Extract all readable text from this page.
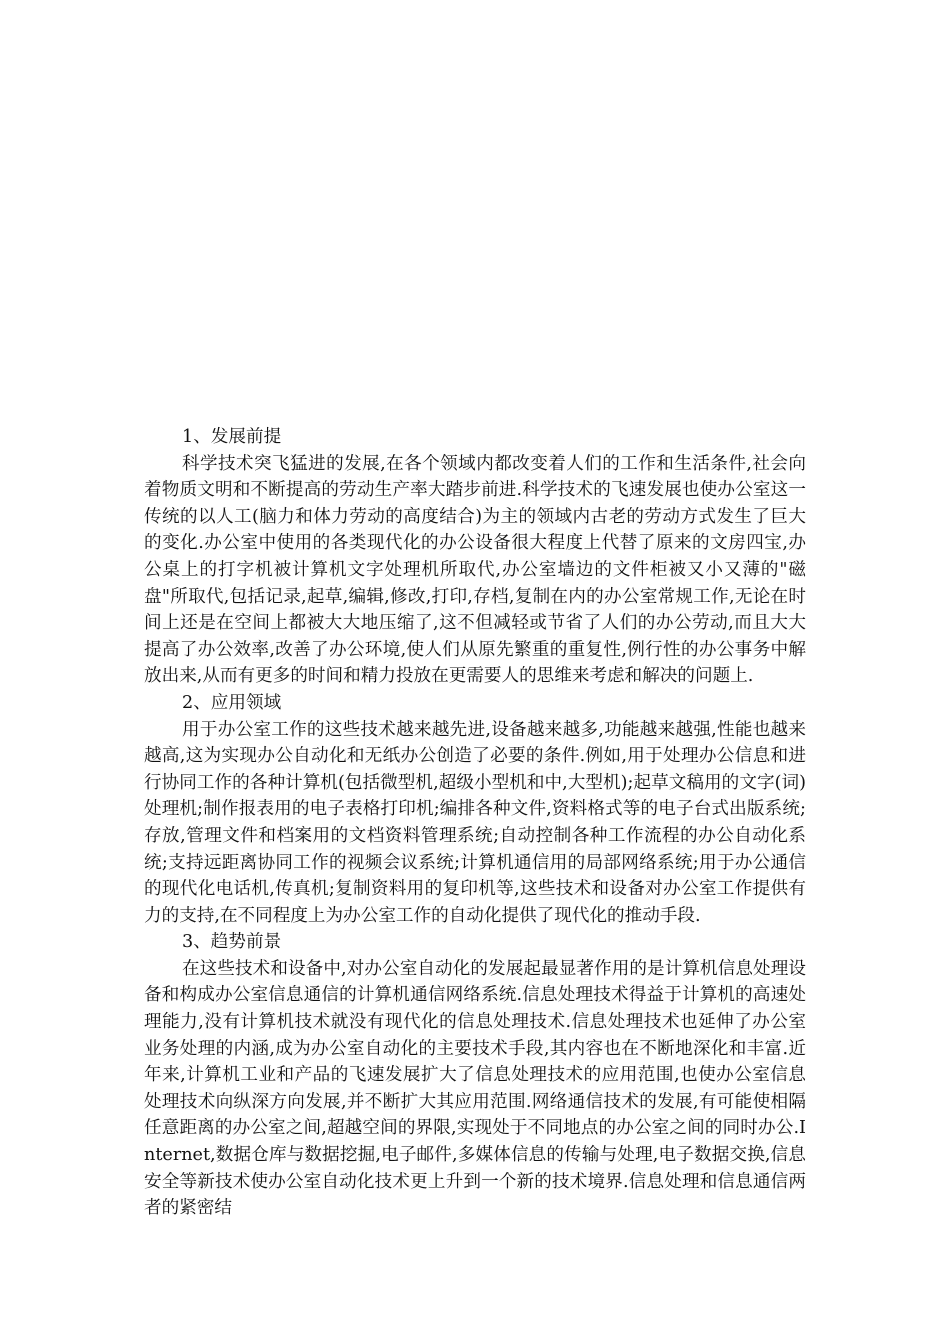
1、发展前提

科学技术突飞猛进的发展,在各个领域内都改变着人们的工作和生活条件,社会向着物质文明和不断提高的劳动生产率大踏步前进.科学技术的飞速发展也使办公室这一传统的以人工(脑力和体力劳动的高度结合)为主的领域内古老的劳动方式发生了巨大的变化.办公室中使用的各类现代化的办公设备很大程度上代替了原来的文房四宝,办公桌上的打字机被计算机文字处理机所取代,办公室墙边的文件柜被又小又薄的"磁盘"所取代,包括记录,起草,编辑,修改,打印,存档,复制在内的办公室常规工作,无论在时间上还是在空间上都被大大地压缩了,这不但减轻或节省了人们的办公劳动,而且大大提高了办公效率,改善了办公环境,使人们从原先繁重的重复性,例行性的办公事务中解放出来,从而有更多的时间和精力投放在更需要人的思维来考虑和解决的问题上.

2、应用领域

用于办公室工作的这些技术越来越先进,设备越来越多,功能越来越强,性能也越来越高,这为实现办公自动化和无纸办公创造了必要的条件.例如,用于处理办公信息和进行协同工作的各种计算机(包括微型机,超级小型机和中,大型机);起草文稿用的文字(词)处理机;制作报表用的电子表格打印机;编排各种文件,资料格式等的电子台式出版系统;存放,管理文件和档案用的文档资料管理系统;自动控制各种工作流程的办公自动化系统;支持远距离协同工作的视频会议系统;计算机通信用的局部网络系统;用于办公通信的现代化电话机,传真机;复制资料用的复印机等,这些技术和设备对办公室工作提供有力的支持,在不同程度上为办公室工作的自动化提供了现代化的推动手段.

3、趋势前景

在这些技术和设备中,对办公室自动化的发展起最显著作用的是计算机信息处理设备和构成办公室信息通信的计算机通信网络系统.信息处理技术得益于计算机的高速处理能力,没有计算机技术就没有现代化的信息处理技术.信息处理技术也延伸了办公室业务处理的内涵,成为办公室自动化的主要技术手段,其内容也在不断地深化和丰富.近年来,计算机工业和产品的飞速发展扩大了信息处理技术的应用范围,也使办公室信息处理技术向纵深方向发展,并不断扩大其应用范围.网络通信技术的发展,有可能使相隔任意距离的办公室之间,超越空间的界限,实现处于不同地点的办公室之间的同时办公.Internet,数据仓库与数据挖掘,电子邮件,多媒体信息的传输与处理,电子数据交换,信息安全等新技术使办公室自动化技术更上升到一个新的技术境界.信息处理和信息通信两者的紧密结
